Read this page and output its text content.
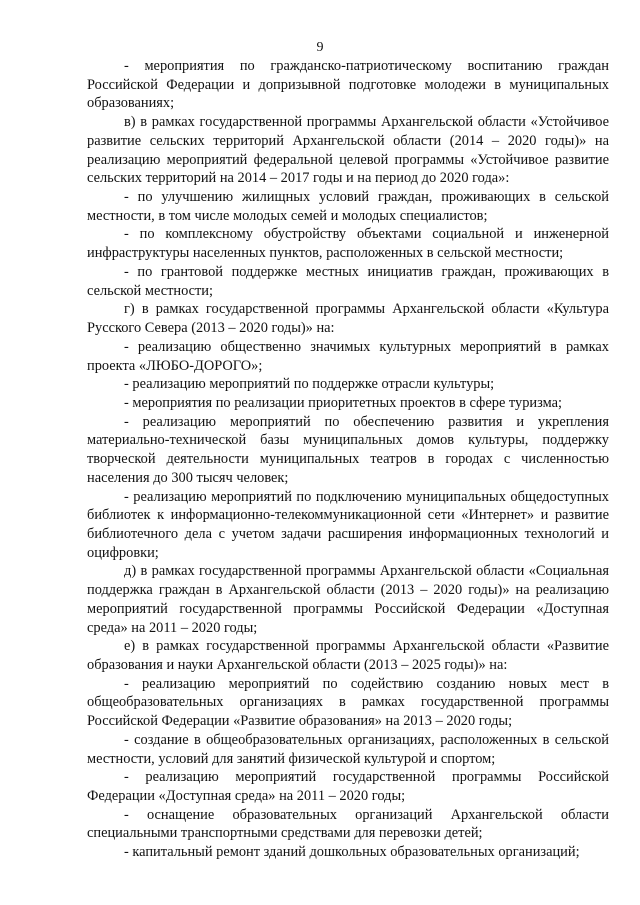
9

- мероприятия по гражданско-патриотическому воспитанию граждан Российской Федерации и допризывной подготовке молодежи в муниципальных образованиях;

в) в рамках государственной программы Архангельской области «Устойчивое развитие сельских территорий Архангельской области (2014 – 2020 годы)» на реализацию мероприятий федеральной целевой программы «Устойчивое развитие сельских территорий на 2014 – 2017 годы и на период до 2020 года»:

- по улучшению жилищных условий граждан, проживающих в сельской местности, в том числе молодых семей и молодых специалистов;

- по комплексному обустройству объектами социальной и инженерной инфраструктуры населенных пунктов, расположенных в сельской местности;

- по грантовой поддержке местных инициатив граждан, проживающих в сельской местности;

г) в рамках государственной программы Архангельской области «Культура Русского Севера (2013 – 2020 годы)» на:

- реализацию общественно значимых культурных мероприятий в рамках проекта «ЛЮБО-ДОРОГО»;

- реализацию мероприятий по поддержке отрасли культуры;

- мероприятия по реализации приоритетных проектов в сфере туризма;

- реализацию мероприятий по обеспечению развития и укрепления материально-технической базы муниципальных домов культуры, поддержку творческой деятельности муниципальных театров в городах с численностью населения до 300 тысяч человек;

- реализацию мероприятий по подключению муниципальных общедоступных библиотек к информационно-телекоммуникационной сети «Интернет» и развитие библиотечного дела с учетом задачи расширения информационных технологий и оцифровки;

д) в рамках государственной программы Архангельской области «Социальная поддержка граждан в Архангельской области (2013 – 2020 годы)» на реализацию мероприятий государственной программы Российской Федерации «Доступная среда» на 2011 – 2020 годы;

е) в рамках государственной программы Архангельской области «Развитие образования и науки Архангельской области (2013 – 2025 годы)» на:

- реализацию мероприятий по содействию созданию новых мест в общеобразовательных организациях в рамках государственной программы Российской Федерации «Развитие образования» на 2013 – 2020 годы;

- создание в общеобразовательных организациях, расположенных в сельской местности, условий для занятий физической культурой и спортом;

- реализацию мероприятий государственной программы Российской Федерации «Доступная среда» на 2011 – 2020 годы;

- оснащение образовательных организаций Архангельской области специальными транспортными средствами для перевозки детей;

- капитальный ремонт зданий дошкольных образовательных организаций;
